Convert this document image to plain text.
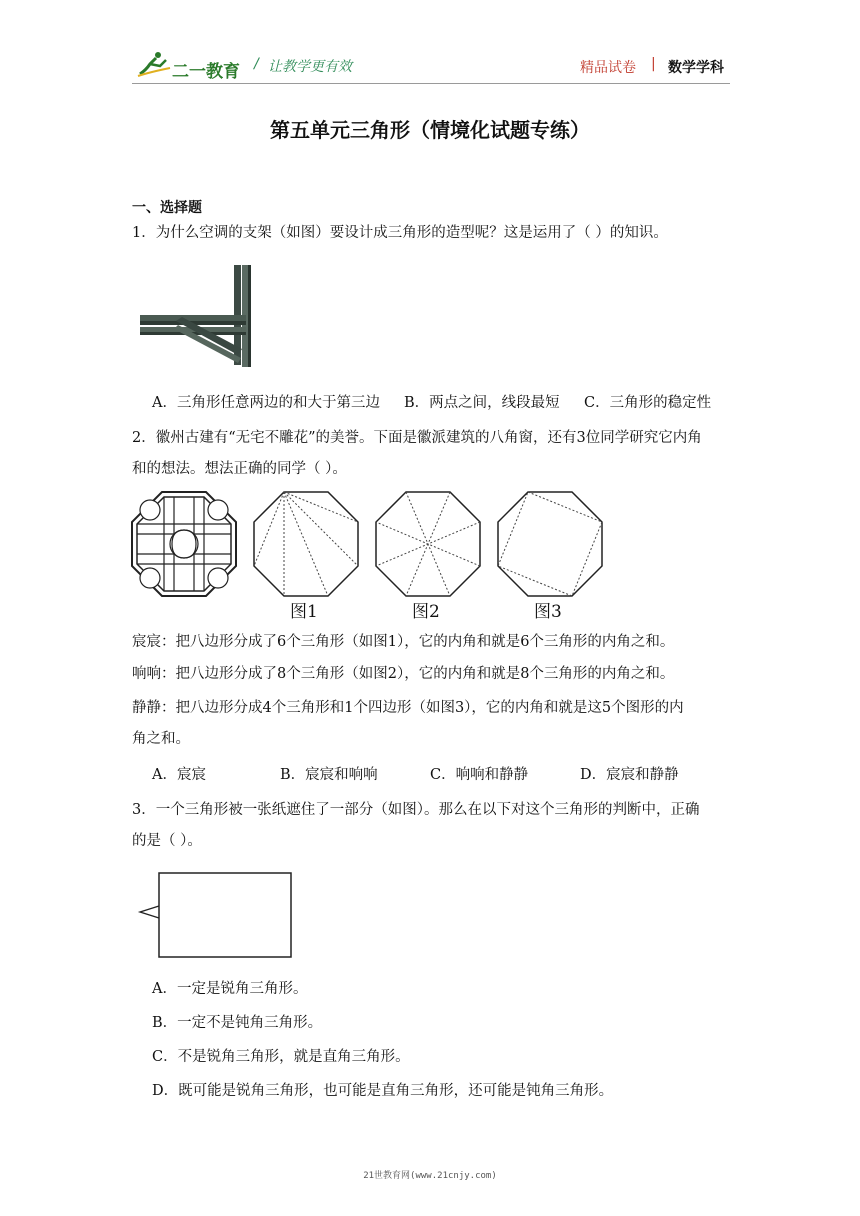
二一教育 让教学更有效
/	精品试卷 | 数学学科
第五单元三角形（情境化试题专练）
一、选择题
1．为什么空调的支架（如图）要设计成三角形的造型呢？这是运用了（ ）的知识。
A．三角形任意两边的和大于第三边 B．两点之间，线段最短 C．三角形的稳定性
2．徽州古建有“无宅不雕花”的美誉。下面是徽派建筑的八角窗，还有3位同学研究它内角
和的想法。想法正确的同学（ ）。
图1	图2	图3
宸宸：把八边形分成了6个三角形（如图1），它的内角和就是6个三角形的内角之和。
响响：把八边形分成了8个三角形（如图2），它的内角和就是8个三角形的内角之和。
静静：把八边形分成4个三角形和1个四边形（如图3），它的内角和就是这5个图形的内
角之和。
A．宸宸	B．宸宸和响响	C．响响和静静	D．宸宸和静静
3．一个三角形被一张纸遮住了一部分（如图）。那么在以下对这个三角形的判断中，正确
的是（ ）。
A．一定是锐角三角形。
B．一定不是钝角三角形。
C．不是锐角三角形，就是直角三角形。
D．既可能是锐角三角形，也可能是直角三角形，还可能是钝角三角形。
21世教育网(www.21cnjy.com)
